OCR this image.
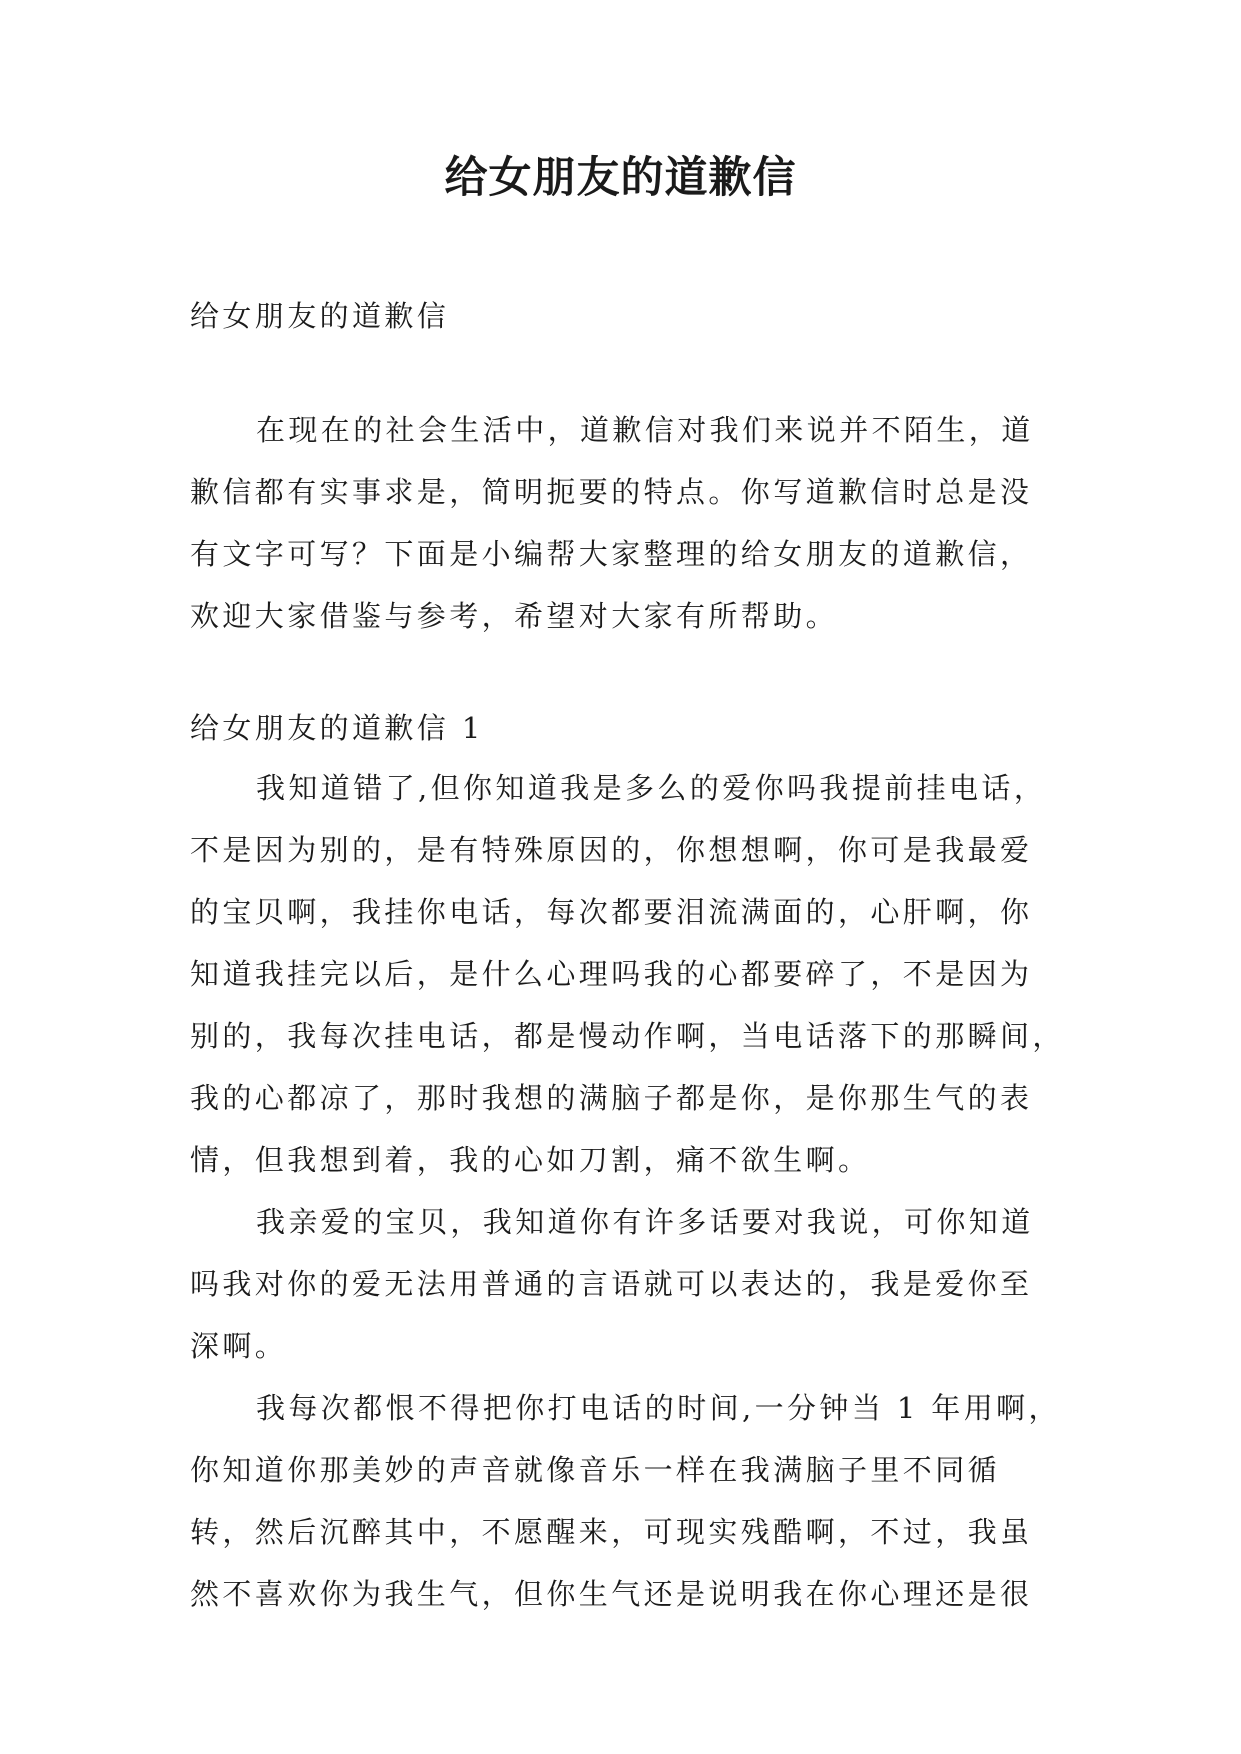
给女朋友的道歉信

给女朋友的道歉信

在现在的社会生活中，道歉信对我们来说并不陌生，道

歉信都有实事求是，简明扼要的特点。你写道歉信时总是没

有文字可写？下面是小编帮大家整理的给女朋友的道歉信，

欢迎大家借鉴与参考，希望对大家有所帮助。

给女朋友的道歉信 1

我知道错了,但你知道我是多么的爱你吗我提前挂电话，

不是因为别的，是有特殊原因的，你想想啊，你可是我最爱

的宝贝啊，我挂你电话，每次都要泪流满面的，心肝啊，你

知道我挂完以后，是什么心理吗我的心都要碎了，不是因为

别的，我每次挂电话，都是慢动作啊，当电话落下的那瞬间，

我的心都凉了，那时我想的满脑子都是你，是你那生气的表

情，但我想到着，我的心如刀割，痛不欲生啊。

我亲爱的宝贝，我知道你有许多话要对我说，可你知道

吗我对你的爱无法用普通的言语就可以表达的，我是爱你至

深啊。

我每次都恨不得把你打电话的时间,一分钟当 1 年用啊，

你知道你那美妙的声音就像音乐一样在我满脑子里不同循

转，然后沉醉其中，不愿醒来，可现实残酷啊，不过，我虽

然不喜欢你为我生气，但你生气还是说明我在你心理还是很
